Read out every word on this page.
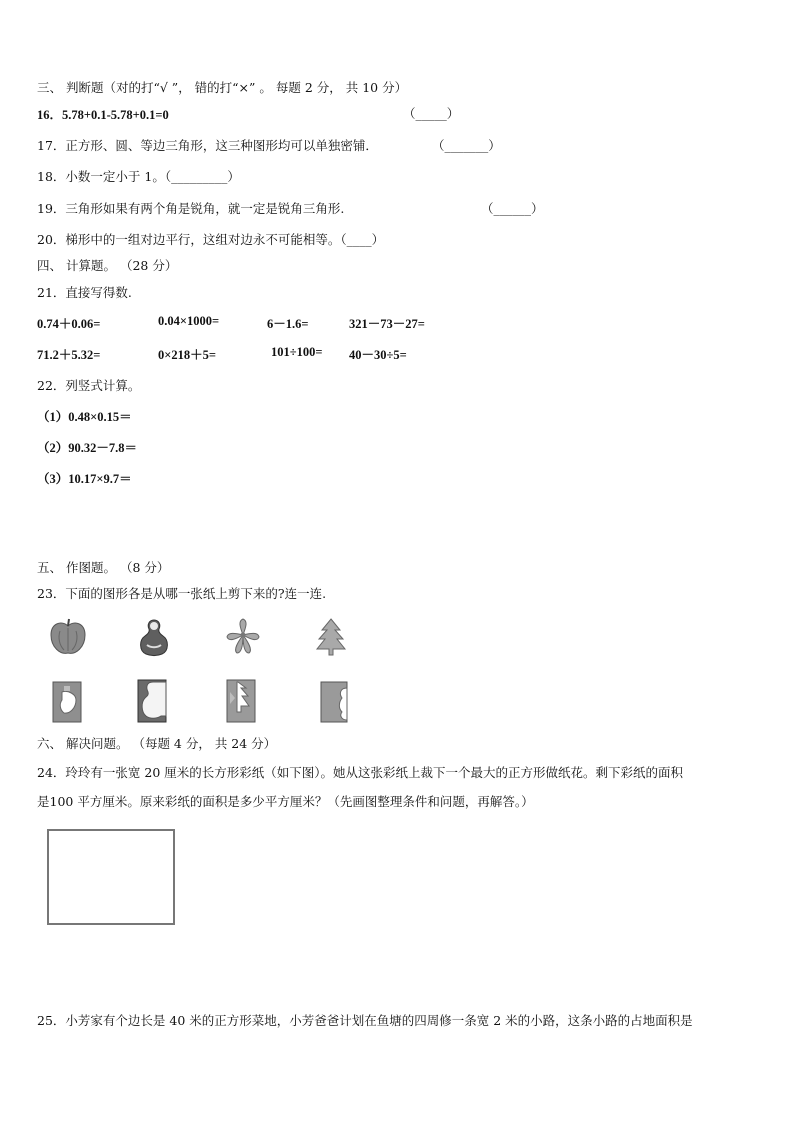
三、 判断题（对的打“√ ”， 错的打“×” 。 每题 2 分， 共 10 分）
16．5.78+0.1-5.78+0.1=0	（_____）
17．正方形、圆、等边三角形，这三种图形均可以单独密铺．	（_______）
18．小数一定小于 1。（_________）
19．三角形如果有两个角是锐角，就一定是锐角三角形.	（______）
20．梯形中的一组对边平行，这组对边永不可能相等。（____）
四、 计算题。 （28 分）
21．直接写得数.
0.74＋0.06=	0.04×1000=	6－1.6=	321－73－27=
71.2＋5.32=	0×218＋5=	101÷100= 40－30÷5=
22．列竖式计算。
（1）0.48×0.15＝
（2）90.32－7.8＝
（3）10.17×9.7＝
五、 作图题。 （8 分）
23．下面的图形各是从哪一张纸上剪下来的?连一连.
六、 解决问题。 （每题 4 分， 共 24 分）
24．玲玲有一张宽 20 厘米的长方形彩纸（如下图）。她从这张彩纸上裁下一个最大的正方形做纸花。剩下彩纸的面积
是100 平方厘米。原来彩纸的面积是多少平方厘米？（先画图整理条件和问题，再解答。）
25．小芳家有个边长是 40 米的正方形菜地，小芳爸爸计划在鱼塘的四周修一条宽 2 米的小路，这条小路的占地面积是
